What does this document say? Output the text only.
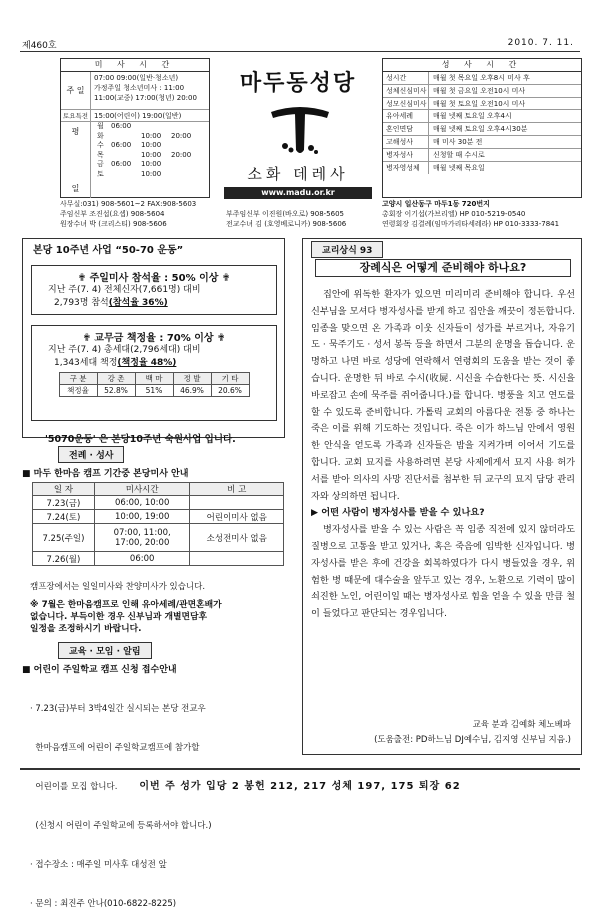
제460호	2010. 7. 11.
미 사 시 간
주 일
07:00 09:00(일반·청소년)
가정주일 청소년미사 : 11:00
11:00(교중) 17:00(청년) 20:00
토요특전 15:00(어린이) 19:00(일반)
평
일
월	06:00
화	10:00	20:00
수	06:00	10:00
목	10:00	20:00
금	06:00	10:00
토	10:00
마두동성당
소화 데레사
www.madu.or.kr
성 사 시 간
성시간	매월 첫 목요일 오후8시 미사 후
성체신심미사 매월 첫 금요일 오전10시 미사
성모신심미사 매월 첫 토요일 오전10시 미사
유아세례	매월 넷째 토요일 오후4시
혼인면담	매월 넷째 토요일 오후4시30분
고해성사	매 미사 30분 전
병자성사	신청할 때 수시로
병자영성체	매월 넷째 목요일
사무실:031) 908-5601~2 FAX:908-5603
주임신부 조진섭(요셉) 908-5604
원장수녀 박 (크리스티) 908-5606
부주임신부 이진원(바오로) 908-5605
전교수녀 김 (호영베로니카) 908-5606
고양시 일산동구 마두1동 720번지
총회장 이기섭(가브리엘) HP 010-5219-0540
연령회장 김결례(임마가리타세레라) HP 010-3333-7841
본당 10주년 사업 “50-70 운동”
✟ 주일미사 참석율 : 50% 이상 ✟

지난 주(7. 4) 전체신자(7,661명) 대비

2,793명 참석(참석율 36%)

✟ 교무금 책정율 : 70% 이상 ✟

지난 주(7. 4) 총세대(2,796세대) 대비

1,343세대 책정(책정율 48%)

구 분	강 촌	백 마	정 발	기 타
책정율	52.8%	51%	46.9%	20.6%
'5070운동' 은 본당10주년 숙원사업 입니다.
전례 · 성사
■ 마두 한마음 캠프 기간중 본당미사 안내
일 자	미사시간	비 고
7.23(금)	06:00, 10:00	

7.24(토)	10:00, 19:00	어린이미사 없음
7.25(주일)	07:00, 11:00,
17:00, 20:00	소성전미사 없음
7.26(월)	06:00	

캠프장에서는 일일미사와 찬양미사가 있습니다.
※ 7월은 한마음캠프로 인해 유아세례/관면혼배가
없습니다. 부득이한 경우 신부님과 개별면담후
일정을 조정하시기 바랍니다.
교육 · 모임 · 알림
■ 어린이 주일학교 캠프 신청 접수안내

· 7.23(금)부터 3박4일간 실시되는 본당 전교우

한마음캠프에 어린이 주일학교캠프에 참가할

어린이를 모집 합니다.

(신청시 어린이 주일학교에 등록하셔야 합니다.)

· 접수장소 : 매주일 미사후 대성전 앞

· 문의 : 최진주 안나(010-6822-8225)

교리상식 93
장례식은 어떻게 준비해야 하나요?

집안에 위독한 환자가 있으면 미리미리 준비해야 합니다. 우선 신부님을 모셔다 병자성사를 받게 하고 집안을 깨끗이 정돈합니다. 임종을 맞으면 온 가족과 이웃 신자들이 성가를 부르거나, 자유기도 · 묵주기도 · 성서 봉독 등을 하면서 그분의 운명을 돕습니다. 운명하고 나면 바로 성당에 연락해서 연령회의 도움을 받는 것이 좋습니다. 운명한 뒤 바로 수시(收屍. 시신을 수습한다는 뜻. 시신을 바로잡고 손에 묵주를 쥐어줍니다.)를 합니다. 병풍을 치고 연도를 할 수 있도록 준비합니다. 가톨릭 교회의 아름다운 전통 중 하나는 죽은 이를 위해 기도하는 것입니다. 죽은 이가 하느님 안에서 영원한 안식을 얻도록 가족과 신자들은 밤을 지켜가며 이어서 기도를 합니다. 교회 묘지를 사용하려면 본당 사제에게서 묘지 사용 허가서를 받아 의사의 사망 진단서를 첨부한 뒤 교구의 묘지 담당 관리자와 상의하면 됩니다.

▶ 어떤 사람이 병자성사를 받을 수 있나요?

병자성사를 받을 수 있는 사람은 꼭 임종 직전에 있지 않더라도 질병으로 고통을 받고 있거나, 혹은 죽음에 임박한 신자입니다. 병자성사를 받은 후에 건강을 회복하였다가 다시 병들었을 경우, 위험한 병 때문에 대수술을 앞두고 있는 경우, 노환으로 기력이 많이 쇠진한 노인, 어린이일 때는 병자성사로 힘을 얻을 수 있을 만큼 철이 들었다고 판단되는 경우입니다.

교육 분과 김예화 체노베파
(도움출전: PD하느님 DJ예수님, 김지영 신부님 지음.)
이번 주 성가 입당 2 봉헌 212, 217 성체 197, 175 퇴장 62
